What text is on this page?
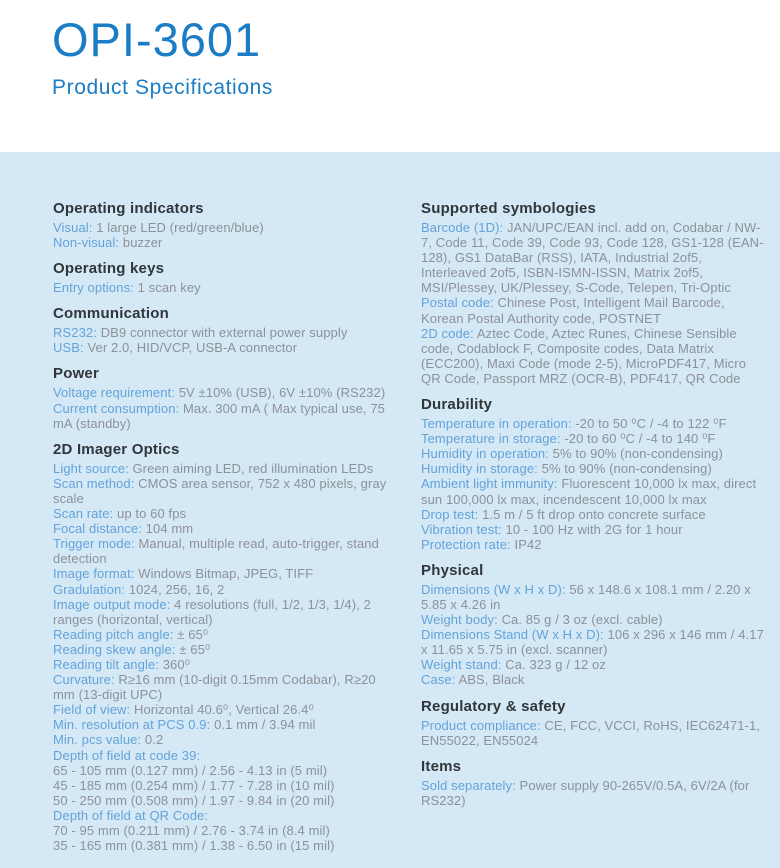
OPI-3601
Product Specifications
Operating indicators

Visual: 1 large LED (red/green/blue)

Non-visual: buzzer

Operating keys

Entry options: 1 scan key

Communication

RS232: DB9 connector with external power supply

USB: Ver 2.0, HID/VCP, USB-A connector

Power

Voltage requirement: 5V ±10% (USB), 6V ±10% (RS232)

Current consumption: Max. 300 mA ( Max typical use, 75 mA (standby)

2D Imager Optics

Light source: Green aiming LED, red illumination LEDs

Scan method: CMOS area sensor, 752 x 480 pixels, gray scale

Scan rate: up to 60 fps

Focal distance: 104 mm

Trigger mode: Manual, multiple read, auto-trigger, stand detection

Image format: Windows Bitmap, JPEG, TIFF

Gradulation: 1024, 256, 16, 2

Image output mode: 4 resolutions (full, 1/2, 1/3, 1/4), 2 ranges (horizontal, vertical)

Reading pitch angle: ± 65⁰

Reading skew angle: ± 65⁰

Reading tilt angle: 360⁰

Curvature: R≥16 mm (10-digit 0.15mm Codabar), R≥20 mm (13-digit UPC)

Field of view: Horizontal 40.6⁰, Vertical 26.4⁰

Min. resolution at PCS 0.9: 0.1 mm / 3.94 mil

Min. pcs value: 0.2

Depth of field at code 39:

65 - 105 mm (0.127 mm) / 2.56 - 4.13 in (5 mil)

45 - 185 mm (0.254 mm) / 1.77 - 7.28 in (10 mil)

50 - 250 mm (0.508 mm) / 1.97 - 9.84 in (20 mil)

Depth of field at QR Code:

70 - 95 mm (0.211 mm) / 2.76 - 3.74 in (8.4 mil)

35 - 165 mm (0.381 mm) / 1.38 - 6.50 in (15 mil)

Supported symbologies

Barcode (1D): JAN/UPC/EAN incl. add on, Codabar / NW-7, Code 11, Code 39, Code 93, Code 128, GS1-128 (EAN-128), GS1 DataBar (RSS), IATA, Industrial 2of5, Interleaved 2of5, ISBN-ISMN-ISSN, Matrix 2of5, MSI/Plessey, UK/Plessey, S-Code, Telepen, Tri-Optic

Postal code: Chinese Post, Intelligent Mail Barcode, Korean Postal Authority code, POSTNET

2D code: Aztec Code, Aztec Runes, Chinese Sensible code, Codablock F, Composite codes, Data Matrix (ECC200), Maxi Code (mode 2-5), MicroPDF417, Micro QR Code, Passport MRZ (OCR-B), PDF417, QR Code

Durability

Temperature in operation: -20 to 50 ⁰C / -4 to 122 ⁰F

Temperature in storage: -20 to 60 ⁰C / -4 to 140 ⁰F

Humidity in operation: 5% to 90% (non-condensing)

Humidity in storage: 5% to 90% (non-condensing)

Ambient light immunity: Fluorescent 10,000 lx max, direct sun 100,000 lx max, incendescent 10,000 lx max

Drop test: 1.5 m / 5 ft drop onto concrete surface

Vibration test: 10 - 100 Hz with 2G for 1 hour

Protection rate: IP42

Physical

Dimensions (W x H x D): 56 x 148.6 x 108.1 mm / 2.20 x 5.85 x 4.26 in

Weight body: Ca. 85 g / 3 oz (excl. cable)

Dimensions Stand (W x H x D): 106 x 296 x 146 mm / 4.17 x 11.65 x 5.75 in (excl. scanner)

Weight stand: Ca. 323 g / 12 oz

Case: ABS, Black

Regulatory & safety

Product compliance: CE, FCC, VCCI, RoHS, IEC62471-1, EN55022, EN55024

Items

Sold separately: Power supply 90-265V/0.5A, 6V/2A (for RS232)
